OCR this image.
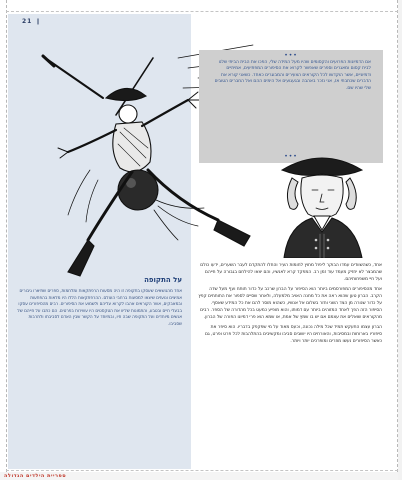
21 ❙
•••
אם הדמיונות הפרועים והקסומים שהיו מעל המידה שלי, הפכו את הבית הביתי שלנו לבית קסום ומאגרים וספרים שאפשר לקרוא את הסיפורים המפתיעים, אמיתיים ודמיוניים, אשר הוקדשו לכל הקוראים הצעירים והמבוגרים כאחד. כשאני קורא את הדברים שכתבתי אז, אני נזכר באהבה ובגעגועים אל הימים ההם ואל החברים הטובים שלי שהיו שם.
•••
על התקופה
אחד מהנושאים שעסקו בתקופה זו היה מסעות הרפתקאות ומלחמות, ספרים שתיארו גיבורים אמיצים ונועזים שיצאו למסעות ברחבי העולם. ההרפתקאות הללו היו מלאות בהפתעות ובמאבקים, אשר הקוראים אהבו לקרוא עליהם ולשמוע את הסיפורים. רבים מהסיפורים עסקו בבעלי חיים ובטבע, והתמונות שליוו את הטקסטים היו עשירות בפרטים. הם כתבו על חייהם של אנשים מיוחדים ועל התקופה שבה חיו, ובמיוחד על הקשר שבין האדם לסביבתו ולתרבות שסביבו.

אחד, כשהשוודים עמדו הבוקר ליפול מחוץ לחומות העיר והחלו להתקדם לעבר השערים, ידעו כולם שהמבצר לא יחזיק מעמד עוד זמן רב. המפקד קרא לאנשיו, והם יצאו להילחם בגבורה על חייהם ועל חיי משפחותיהם.

אחד מהסיפורים המפורסמים ביותר הוא הסיפור על הברון שרכב על כדור תותח ועף מעל שדה הקרב. הברון טען שהוא ראה את כל מחנה האויב מלמעלה, ולאחר שסיים לספור את התותחים קפץ על כדור שנורה מן הצד השני וחזר בשלום אל אנשיו, כשהוא מוסר להם את כל המידע שאסף. הסיפור הזה הפך לאחד המזוהים ביותר עם דמותו, והוא מופיע כמעט בכל מהדורה של הספר. רבים מהקוראים שואלים את עצמם אם יש בו שמץ של אמת, או שמא הוא פרי דמיונו הפורה של הברון.

הברון עצמו התעקש תמיד שכל מילה נכונה, וכעס מאוד על מי שפקפק בדבריו. הוא סיפר את סיפוריו בארוחות ובמסיבות, והאורחים היו יושבים סביבו ומקשיבים בהתלהבות לכל פרט ופרט, גם כאשר הסיפורים נעשו מוזרים ומופרכים יותר ויותר.

ספריית הילדים הגדולה
